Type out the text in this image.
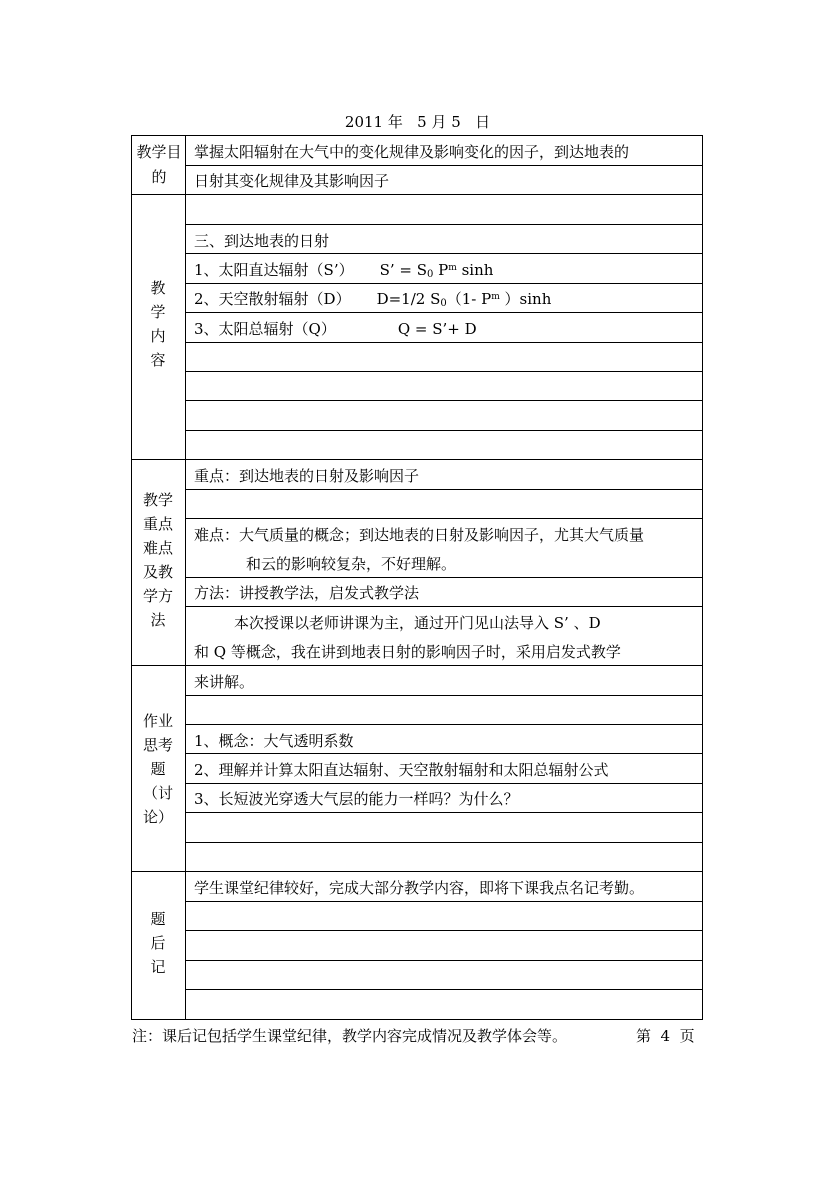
2011 年   5 月 5   日
教学目的
教学内容
教学重点难点及教学方法
作业思考题（讨论）
题后记
掌握太阳辐射在大气中的变化规律及影响变化的因子，到达地表的
日射其变化规律及其影响因子
三、到达地表的日射
1、太阳直达辐射（S’） S’ = $S_0$ $P^m$ sinh
2、天空散射辐射（D） D=1/2 $S_0(1-$ $P^m$ ）sinh
3、太阳总辐射（Q）	Q = S’+ D
重点：到达地表的日射及影响因子
难点：大气质量的概念；到达地表的日射及影响因子，尤其大气质量
和云的影响较复杂，不好理解。
方法：讲授教学法，启发式教学法
本次授课以老师讲课为主，通过开门见山法导入 S’ 、D
和 Q 等概念，我在讲到地表日射的影响因子时，采用启发式教学
来讲解。
1、概念：大气透明系数
2、理解并计算太阳直达辐射、天空散射辐射和太阳总辐射公式
3、长短波光穿透大气层的能力一样吗？为什么？
学生课堂纪律较好，完成大部分教学内容，即将下课我点名记考勤。
注：课后记包括学生课堂纪律，教学内容完成情况及教学体会等。	第  4  页
